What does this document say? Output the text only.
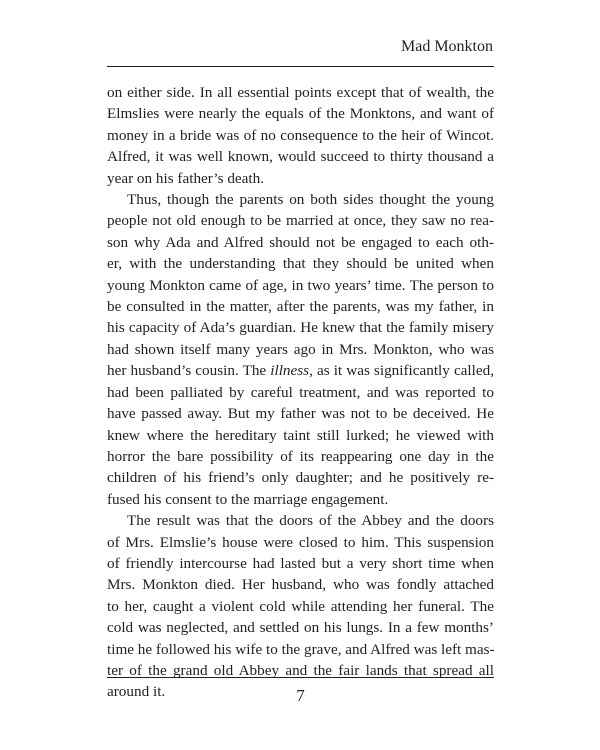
Mad Monkton
on either side. In all essential points except that of wealth, the
Elmslies were nearly the equals of the Monktons, and want of
money in a bride was of no consequence to the heir of Wincot.
Alfred, it was well known, would succeed to thirty thousand a
year on his father’s death.
Thus, though the parents on both sides thought the young
people not old enough to be married at once, they saw no rea-
son why Ada and Alfred should not be engaged to each oth-
er, with the understanding that they should be united when
young Monkton came of age, in two years’ time. The person to
be consulted in the matter, after the parents, was my father, in
his capacity of Ada’s guardian. He knew that the family misery
had shown itself many years ago in Mrs. Monkton, who was
her husband’s cousin. The illness, as it was significantly called,
had been palliated by careful treatment, and was reported to
have passed away. But my father was not to be deceived. He
knew where the hereditary taint still lurked; he viewed with
horror the bare possibility of its reappearing one day in the
children of his friend’s only daughter; and he positively re-
fused his consent to the marriage engagement.
The result was that the doors of the Abbey and the doors
of Mrs. Elmslie’s house were closed to him. This suspension
of friendly intercourse had lasted but a very short time when
Mrs. Monkton died. Her husband, who was fondly attached
to her, caught a violent cold while attending her funeral. The
cold was neglected, and settled on his lungs. In a few months’
time he followed his wife to the grave, and Alfred was left mas-
ter of the grand old Abbey and the fair lands that spread all
around it.	7
